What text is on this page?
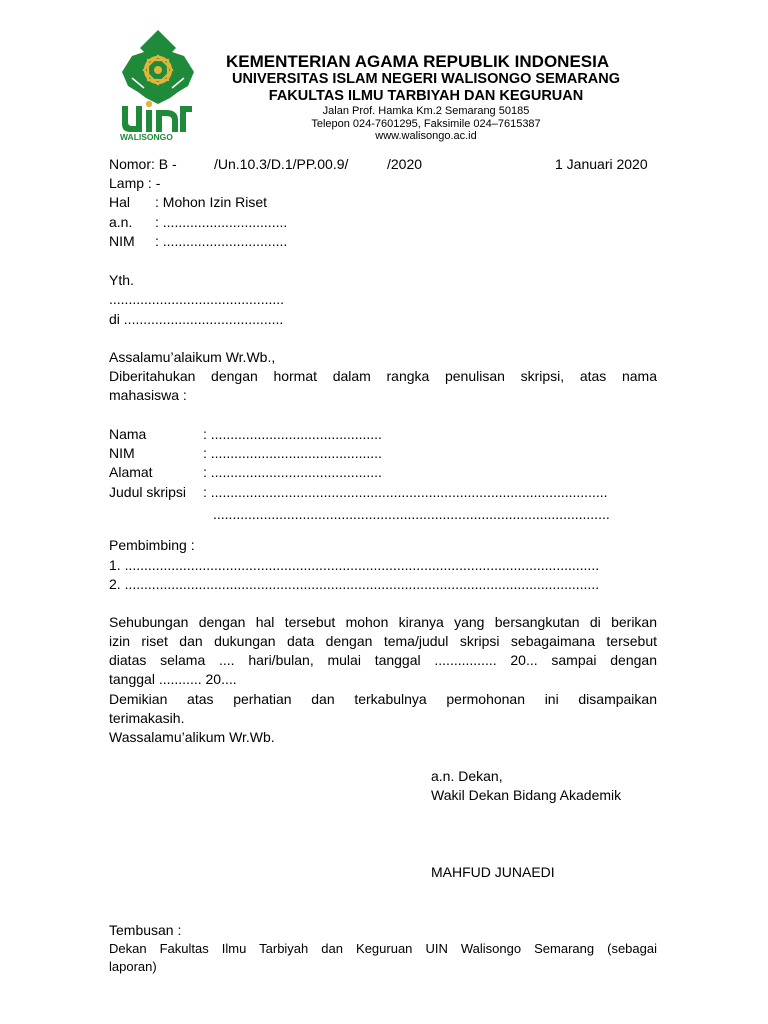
WALISONGO
KEMENTERIAN AGAMA REPUBLIK INDONESIA
UNIVERSITAS ISLAM NEGERI WALISONGO SEMARANG
FAKULTAS ILMU TARBIYAH DAN KEGURUAN
Jalan Prof. Hamka Km.2 Semarang 50185
Telepon 024-7601295, Faksimile 024–7615387
www.walisongo.ac.id
Nomor: B -	/Un.10.3/D.1/PP.00.9/	/2020	1 Januari 2020
Lamp : -
Hal : Mohon Izin Riset
a.n. : ................................
NIM : ................................
Yth.
.............................................
di .........................................
Assalamu’alaikum Wr.Wb.,
Diberitahukan dengan hormat dalam rangka penulisan skripsi, atas nama
mahasiswa :
Nama	: ............................................
NIM	: ............................................
Alamat	: ............................................
Judul skripsi : ......................................................................................................
......................................................................................................
Pembimbing :
1. ..........................................................................................................................
2. ..........................................................................................................................
Sehubungan dengan hal tersebut mohon kiranya yang bersangkutan di berikan
izin riset dan dukungan data dengan tema/judul skripsi sebagaimana tersebut
diatas selama .... hari/bulan, mulai tanggal ................ 20... sampai dengan
tanggal ........... 20....
Demikian atas perhatian dan terkabulnya permohonan ini disampaikan
terimakasih.
Wassalamu’alikum Wr.Wb.
a.n. Dekan,
Wakil Dekan Bidang Akademik
MAHFUD JUNAEDI
Tembusan :
Dekan Fakultas Ilmu Tarbiyah dan Keguruan UIN Walisongo Semarang (sebagai
laporan)
